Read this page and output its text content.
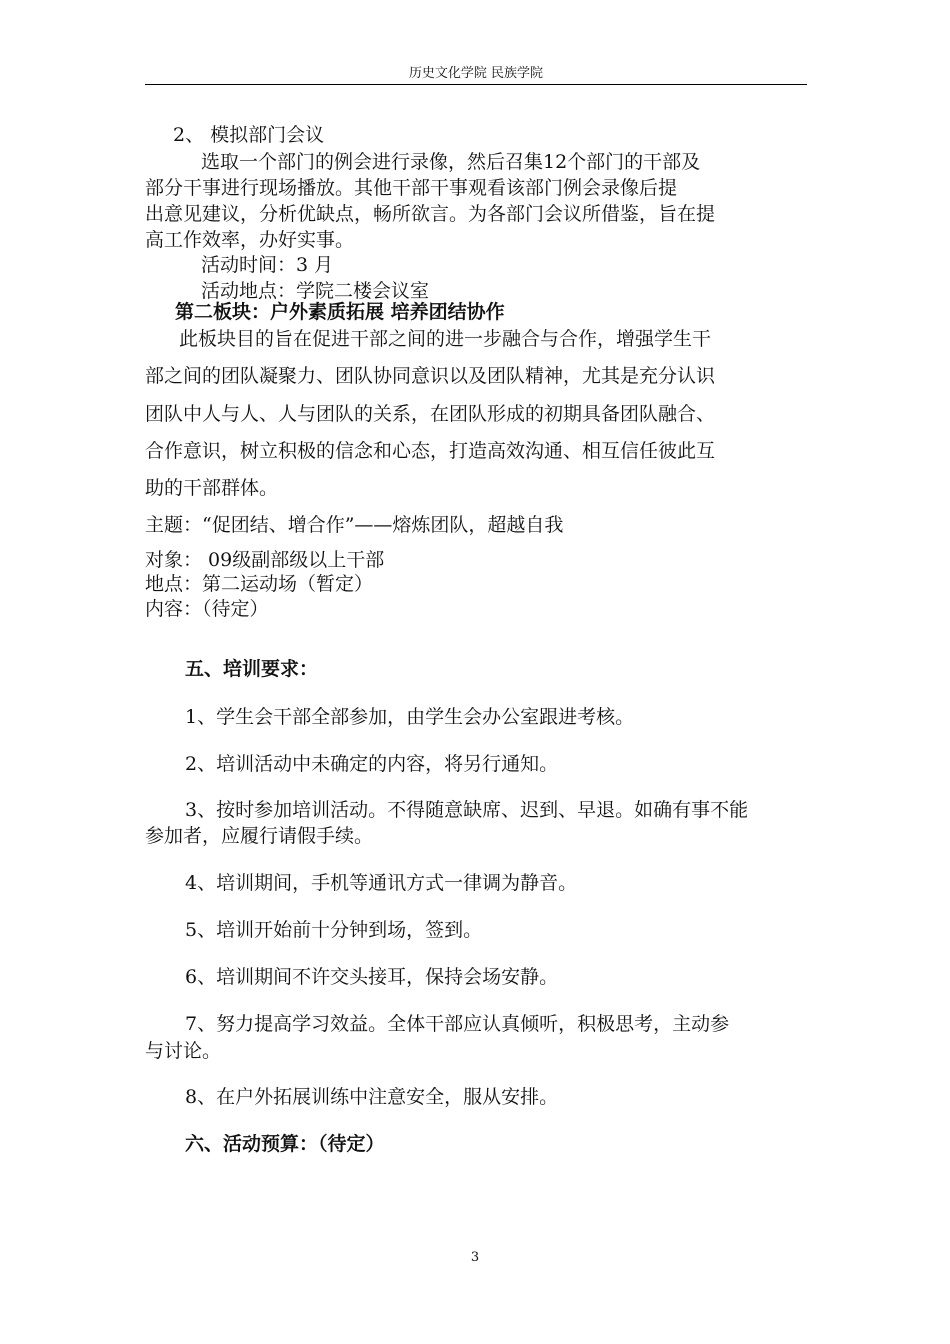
历史文化学院 民族学院
2、 模拟部门会议
选取一个部门的例会进行录像，然后召集12个部门的干部及
部分干事进行现场播放。其他干部干事观看该部门例会录像后提
出意见建议，分析优缺点，畅所欲言。为各部门会议所借鉴，旨在提
高工作效率，办好实事。
活动时间：3 月
活动地点：学院二楼会议室
第二板块：户外素质拓展 培养团结协作
此板块目的旨在促进干部之间的进一步融合与合作，增强学生干
部之间的团队凝聚力、团队协同意识以及团队精神，尤其是充分认识
团队中人与人、人与团队的关系，在团队形成的初期具备团队融合、
合作意识，树立积极的信念和心态，打造高效沟通、相互信任彼此互
助的干部群体。
主题：“促团结、增合作”——熔炼团队，超越自我
对象： 09级副部级以上干部
地点：第二运动场（暂定）
内容：（待定）
五、培训要求：
1、学生会干部全部参加，由学生会办公室跟进考核。
2、培训活动中未确定的内容，将另行通知。
3、按时参加培训活动。不得随意缺席、迟到、早退。如确有事不能
参加者，应履行请假手续。
4、培训期间，手机等通讯方式一律调为静音。
5、培训开始前十分钟到场，签到。
6、培训期间不许交头接耳，保持会场安静。
7、努力提高学习效益。全体干部应认真倾听，积极思考，主动参
与讨论。
8、在户外拓展训练中注意安全，服从安排。
六、活动预算：（待定）
3
